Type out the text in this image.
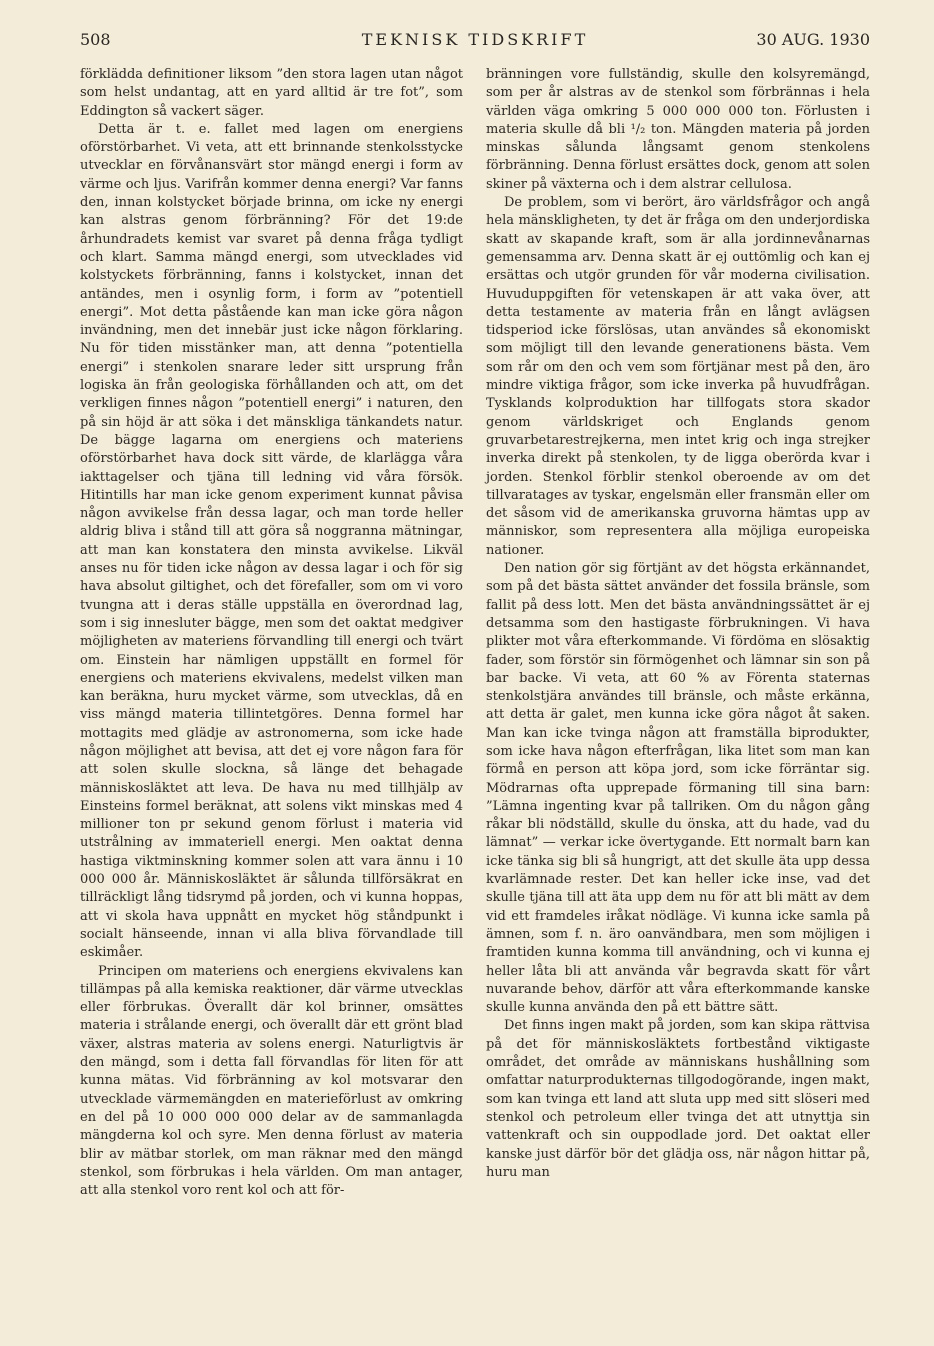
508	TEKNISK TIDSKRIFT	30 AUG. 1930

förklädda definitioner liksom ”den stora lagen utan något som helst undantag, att en yard alltid är tre fot”, som Eddington så vackert säger.

Detta är t. e. fallet med lagen om energiens oförstörbarhet. Vi veta, att ett brinnande stenkolsstycke utvecklar en förvånansvärt stor mängd energi i form av värme och ljus. Varifrån kommer denna energi? Var fanns den, innan kolstycket började brinna, om icke ny energi kan alstras genom förbränning? För det 19:de århundradets kemist var svaret på denna fråga tydligt och klart. Samma mängd energi, som utvecklades vid kolstyckets förbränning, fanns i kolstycket, innan det antändes, men i osynlig form, i form av ”potentiell energi”. Mot detta påstående kan man icke göra någon invändning, men det innebär just icke någon förklaring. Nu för tiden misstänker man, att denna ”potentiella energi” i stenkolen snarare leder sitt ursprung från logiska än från geologiska förhållanden och att, om det verkligen finnes någon ”potentiell energi” i naturen, den på sin höjd är att söka i det mänskliga tänkandets natur. De bägge lagarna om energiens och materiens oförstörbarhet hava dock sitt värde, de klarlägga våra iakttagelser och tjäna till ledning vid våra försök. Hitintills har man icke genom experiment kunnat påvisa någon avvikelse från dessa lagar, och man torde heller aldrig bliva i stånd till att göra så noggranna mätningar, att man kan konstatera den minsta avvikelse. Likväl anses nu för tiden icke någon av dessa lagar i och för sig hava absolut giltighet, och det förefaller, som om vi voro tvungna att i deras ställe uppställa en överordnad lag, som i sig innesluter bägge, men som det oaktat medgiver möjligheten av materiens förvandling till energi och tvärt om. Einstein har nämligen uppställt en formel för energiens och materiens ekvivalens, medelst vilken man kan beräkna, huru mycket värme, som utvecklas, då en viss mängd materia tillintetgöres. Denna formel har mottagits med glädje av astronomerna, som icke hade någon möjlighet att bevisa, att det ej vore någon fara för att solen skulle slockna, så länge det behagade människosläktet att leva. De hava nu med tillhjälp av Einsteins formel beräknat, att solens vikt minskas med 4 millioner ton pr sekund genom förlust i materia vid utstrålning av immateriell energi. Men oaktat denna hastiga viktminskning kommer solen att vara ännu i 10 000 000 år. Människosläktet är sålunda tillförsäkrat en tillräckligt lång tidsrymd på jorden, och vi kunna hoppas, att vi skola hava uppnått en mycket hög ståndpunkt i socialt hänseende, innan vi alla bliva förvandlade till eskimåer.

Principen om materiens och energiens ekvivalens kan tillämpas på alla kemiska reaktioner, där värme utvecklas eller förbrukas. Överallt där kol brinner, omsättes materia i strålande energi, och överallt där ett grönt blad växer, alstras materia av solens energi. Naturligtvis är den mängd, som i detta fall förvandlas för liten för att kunna mätas. Vid förbränning av kol motsvarar den utvecklade värmemängden en materieförlust av omkring en del på 10 000 000 000 delar av de sammanlagda mängderna kol och syre. Men denna förlust av materia blir av mätbar storlek, om man räknar med den mängd stenkol, som förbrukas i hela världen. Om man antager, att alla stenkol voro rent kol och att för-

bränningen vore fullständig, skulle den kolsyremängd, som per år alstras av de stenkol som förbrännas i hela världen väga omkring 5 000 000 000 ton. Förlusten i materia skulle då bli ¹/₂ ton. Mängden materia på jorden minskas sålunda långsamt genom stenkolens förbränning. Denna förlust ersättes dock, genom att solen skiner på växterna och i dem alstrar cellulosa.

De problem, som vi berört, äro världsfrågor och angå hela mänskligheten, ty det är fråga om den underjordiska skatt av skapande kraft, som är alla jordinnevånarnas gemensamma arv. Denna skatt är ej outtömlig och kan ej ersättas och utgör grunden för vår moderna civilisation. Huvuduppgiften för vetenskapen är att vaka över, att detta testamente av materia från en långt avlägsen tidsperiod icke förslösas, utan användes så ekonomiskt som möjligt till den levande generationens bästa. Vem som rår om den och vem som förtjänar mest på den, äro mindre viktiga frågor, som icke inverka på huvudfrågan. Tysklands kolproduktion har tillfogats stora skador genom världskriget och Englands genom gruvarbetarestrejkerna, men intet krig och inga strejker inverka direkt på stenkolen, ty de ligga oberörda kvar i jorden. Stenkol förblir stenkol oberoende av om det tillvaratages av tyskar, engelsmän eller fransmän eller om det såsom vid de amerikanska gruvorna hämtas upp av människor, som representera alla möjliga europeiska nationer.

Den nation gör sig förtjänt av det högsta erkännandet, som på det bästa sättet använder det fossila bränsle, som fallit på dess lott. Men det bästa användningssättet är ej detsamma som den hastigaste förbrukningen. Vi hava plikter mot våra efterkommande. Vi fördöma en slösaktig fader, som förstör sin förmögenhet och lämnar sin son på bar backe. Vi veta, att 60 % av Förenta staternas stenkolstjära användes till bränsle, och måste erkänna, att detta är galet, men kunna icke göra något åt saken. Man kan icke tvinga någon att framställa biprodukter, som icke hava någon efterfrågan, lika litet som man kan förmå en person att köpa jord, som icke förräntar sig. Mödrarnas ofta upprepade förmaning till sina barn: ”Lämna ingenting kvar på tallriken. Om du någon gång råkar bli nödställd, skulle du önska, att du hade, vad du lämnat” — verkar icke övertygande. Ett normalt barn kan icke tänka sig bli så hungrigt, att det skulle äta upp dessa kvarlämnade rester. Det kan heller icke inse, vad det skulle tjäna till att äta upp dem nu för att bli mätt av dem vid ett framdeles iråkat nödläge. Vi kunna icke samla på ämnen, som f. n. äro oanvändbara, men som möjligen i framtiden kunna komma till användning, och vi kunna ej heller låta bli att använda vår begravda skatt för vårt nuvarande behov, därför att våra efterkommande kanske skulle kunna använda den på ett bättre sätt.

Det finns ingen makt på jorden, som kan skipa rättvisa på det för människosläktets fortbestånd viktigaste området, det område av människans hushållning som omfattar naturprodukternas tillgodogörande, ingen makt, som kan tvinga ett land att sluta upp med sitt slöseri med stenkol och petroleum eller tvinga det att utnyttja sin vattenkraft och sin ouppodlade jord. Det oaktat eller kanske just därför bör det glädja oss, när någon hittar på, huru man
